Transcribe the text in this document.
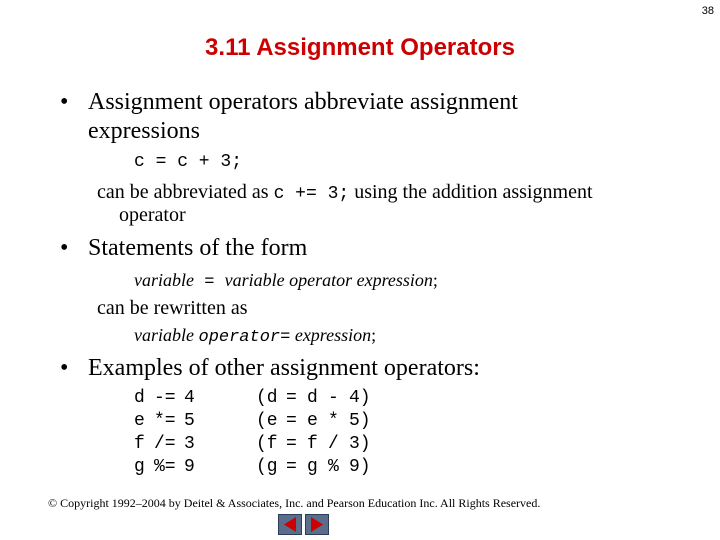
38
3.11 Assignment Operators
• Assignment operators abbreviate assignment
expressions
c = c + 3;
can be abbreviated as c += 3; using the addition assignment
operator
• Statements of the form
variable = variable operator expression;
can be rewritten as
variable operator= expression;
• Examples of other assignment operators:
d	-=	4	(d	=	d	-	4)
e	*=	5	(e	=	e	*	5)
f	/=	3	(f	=	f	/	3)
g	%=	9	(g	=	g	%	9)
© Copyright 1992–2004 by Deitel & Associates, Inc. and Pearson Education Inc. All Rights Reserved.
